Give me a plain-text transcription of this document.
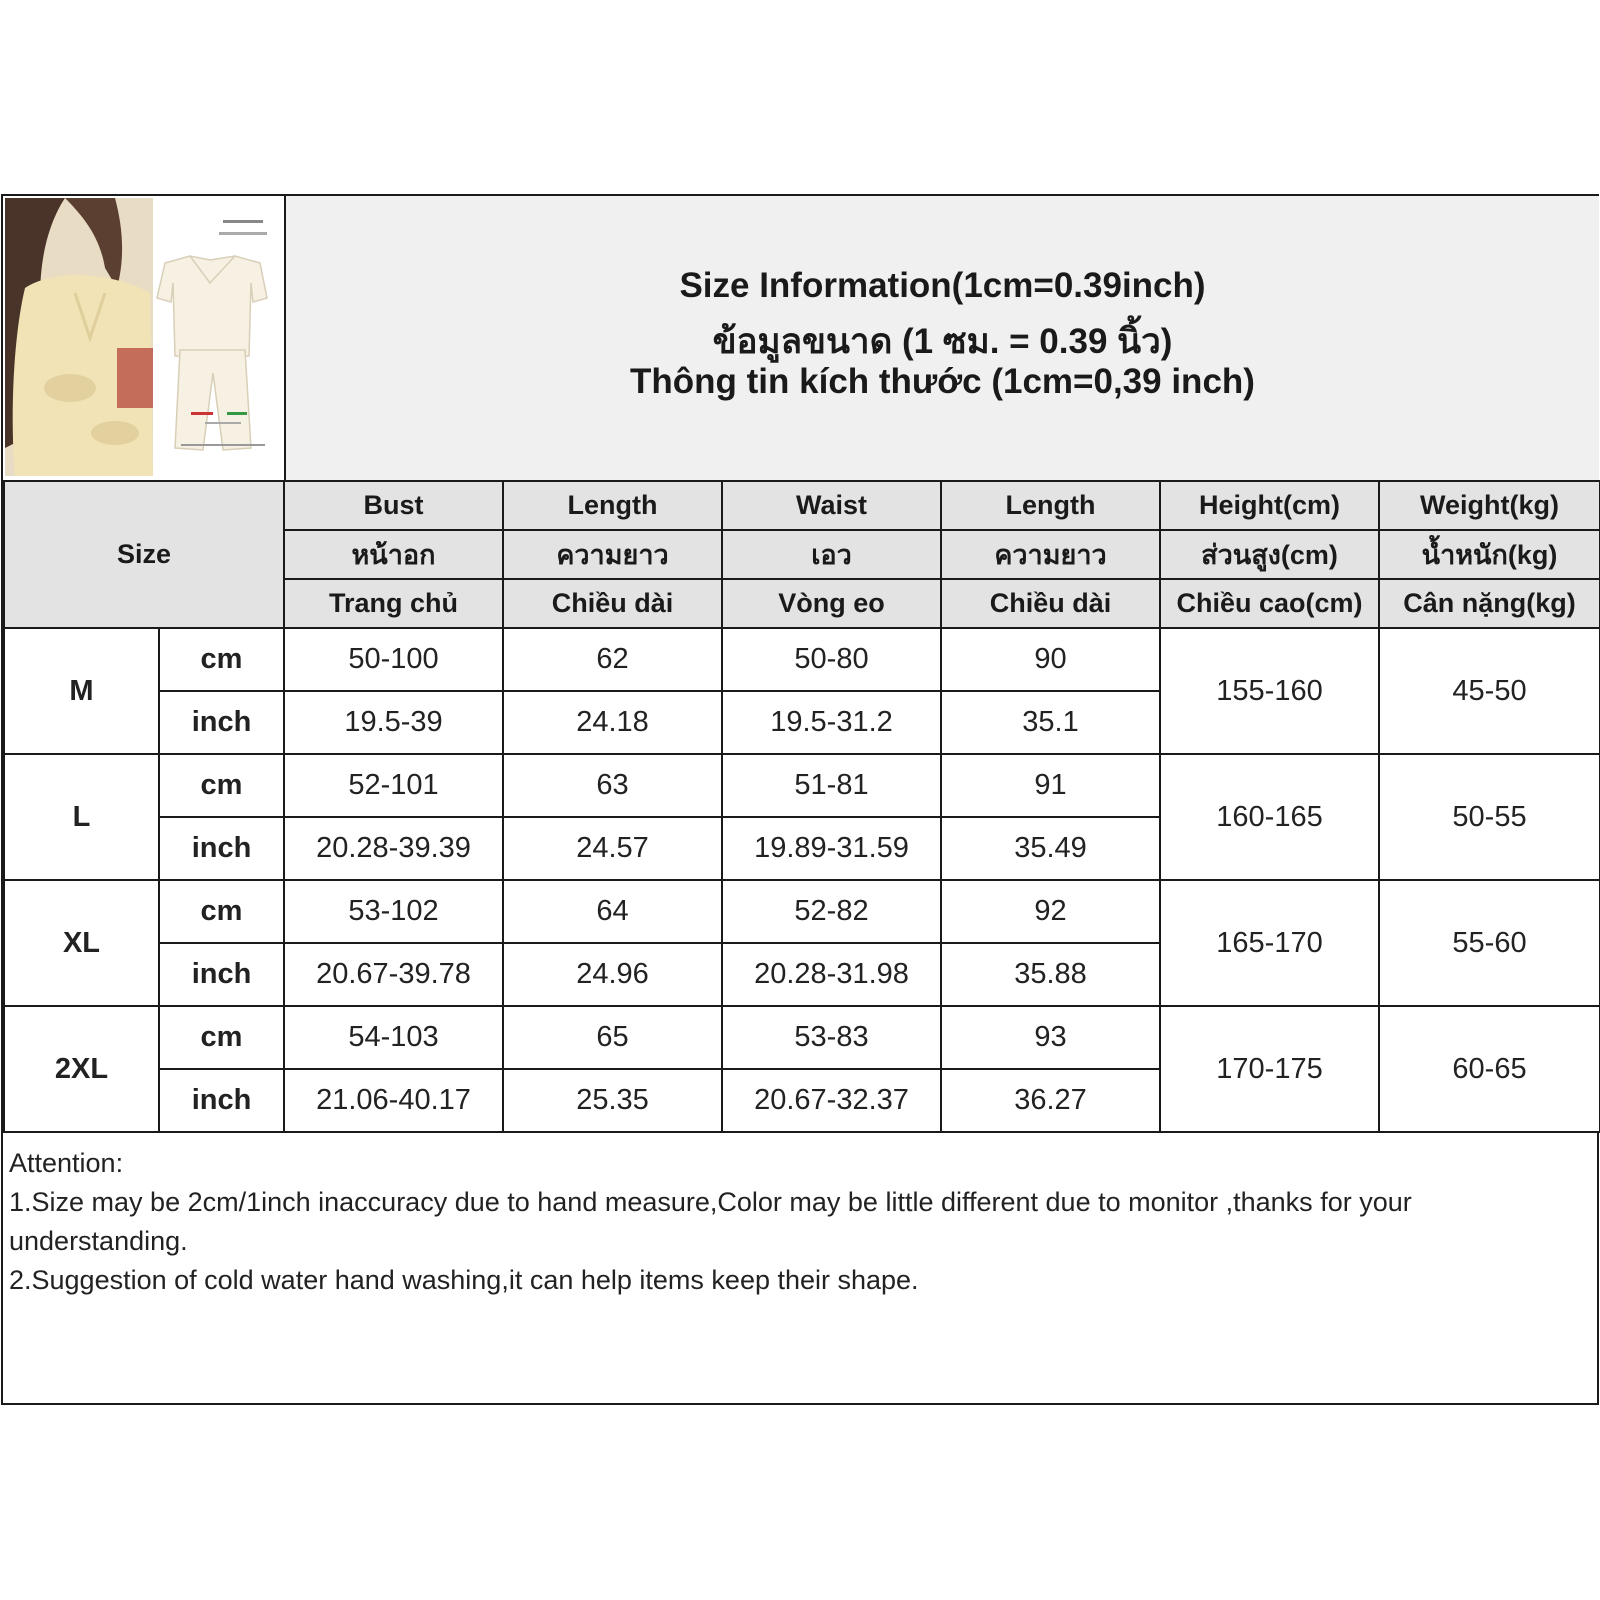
Size Information(1cm=0.39inch)
ข้อมูลขนาด (1 ซม. = 0.39 นิ้ว)
Thông tin kích thước (1cm=0,39 inch)
Size		Bust	Length	Waist	Length	Height(cm)	Weight(kg)
		หน้าอก	ความยาว	เอว	ความยาว	ส่วนสูง(cm)	น้ำหนัก(kg)
		Trang chủ	Chiều dài	Vòng eo	Chiều dài	Chiều cao(cm)	Cân nặng(kg)
M	cm	50-100	62	50-80	90	155-160	45-50
	inch	19.5-39	24.18	19.5-31.2	35.1		
L	cm	52-101	63	51-81	91	160-165	50-55
	inch	20.28-39.39	24.57	19.89-31.59	35.49		
XL	cm	53-102	64	52-82	92	165-170	55-60
	inch	20.67-39.78	24.96	20.28-31.98	35.88		
2XL	cm	54-103	65	53-83	93	170-175	60-65
	inch	21.06-40.17	25.35	20.67-32.37	36.27		

Attention:

1.Size may be 2cm/1inch inaccuracy due to hand measure,Color may be little different due to monitor ,thanks for your understanding.

2.Suggestion of cold water hand washing,it can help items keep their shape.
